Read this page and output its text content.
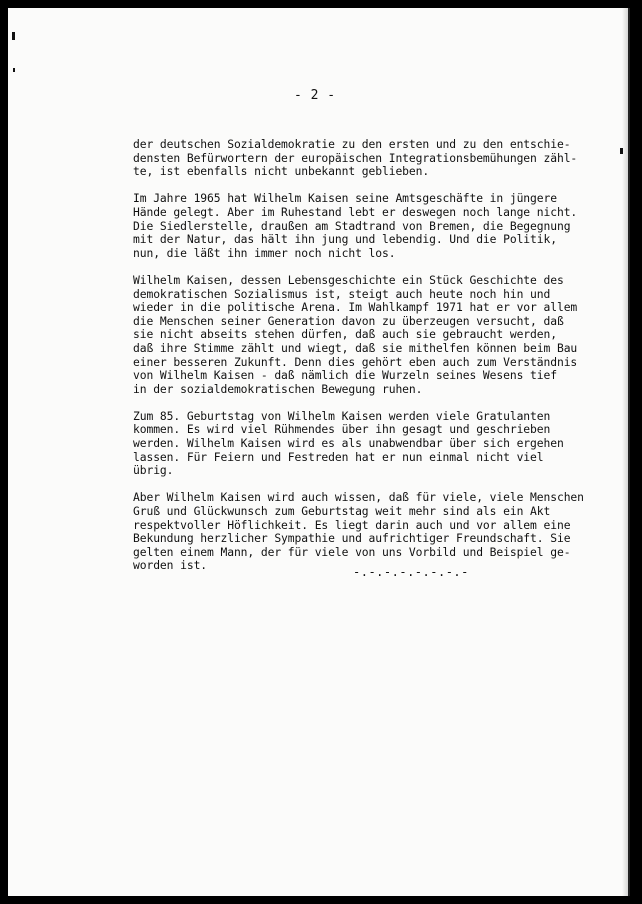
- 2 -
der deutschen Sozialdemokratie zu den ersten und zu den entschie-
densten Befürwortern der europäischen Integrationsbemühungen zähl-
te, ist ebenfalls nicht unbekannt geblieben.
Im Jahre 1965 hat Wilhelm Kaisen seine Amtsgeschäfte in jüngere
Hände gelegt. Aber im Ruhestand lebt er deswegen noch lange nicht.
Die Siedlerstelle, draußen am Stadtrand von Bremen, die Begegnung
mit der Natur, das hält ihn jung und lebendig. Und die Politik,
nun, die läßt ihn immer noch nicht los.
Wilhelm Kaisen, dessen Lebensgeschichte ein Stück Geschichte des
demokratischen Sozialismus ist, steigt auch heute noch hin und
wieder in die politische Arena. Im Wahlkampf 1971 hat er vor allem
die Menschen seiner Generation davon zu überzeugen versucht, daß
sie nicht abseits stehen dürfen, daß auch sie gebraucht werden,
daß ihre Stimme zählt und wiegt, daß sie mithelfen können beim Bau
einer besseren Zukunft. Denn dies gehört eben auch zum Verständnis
von Wilhelm Kaisen - daß nämlich die Wurzeln seines Wesens tief
in der sozialdemokratischen Bewegung ruhen.
Zum 85. Geburtstag von Wilhelm Kaisen werden viele Gratulanten
kommen. Es wird viel Rühmendes über ihn gesagt und geschrieben
werden. Wilhelm Kaisen wird es als unabwendbar über sich ergehen
lassen. Für Feiern und Festreden hat er nun einmal nicht viel
übrig.
Aber Wilhelm Kaisen wird auch wissen, daß für viele, viele Menschen
Gruß und Glückwunsch zum Geburtstag weit mehr sind als ein Akt
respektvoller Höflichkeit. Es liegt darin auch und vor allem eine
Bekundung herzlicher Sympathie und aufrichtiger Freundschaft. Sie
gelten einem Mann, der für viele von uns Vorbild und Beispiel ge-
worden ist.	-.-.-.-.-.-.-.-
